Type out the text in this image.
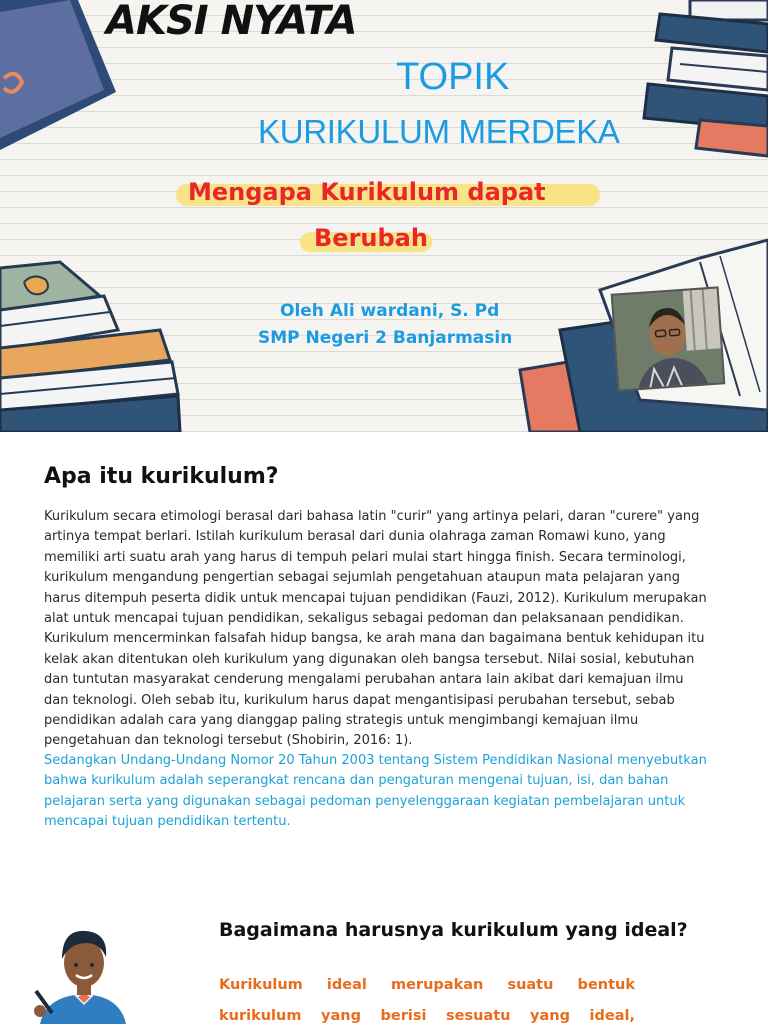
AKSI NYATA
TOPIK
KURIKULUM MERDEKA
Mengapa Kurikulum dapat
Berubah
Oleh Ali wardani, S. Pd
SMP Negeri 2 Banjarmasin
Apa itu kurikulum?
Kurikulum secara etimologi berasal dari bahasa latin "curir" yang artinya pelari, daran "curere" yang
artinya tempat berlari. Istilah kurikulum berasal dari dunia olahraga zaman Romawi kuno, yang
memiliki arti suatu arah yang harus di tempuh pelari mulai start hingga finish. Secara terminologi,
kurikulum mengandung pengertian sebagai sejumlah pengetahuan ataupun mata pelajaran yang
harus ditempuh peserta didik untuk mencapai tujuan pendidikan (Fauzi, 2012). Kurikulum merupakan
alat untuk mencapai tujuan pendidikan, sekaligus sebagai pedoman dan pelaksanaan pendidikan.
Kurikulum mencerminkan falsafah hidup bangsa, ke arah mana dan bagaimana bentuk kehidupan itu
kelak akan ditentukan oleh kurikulum yang digunakan oleh bangsa tersebut. Nilai sosial, kebutuhan
dan tuntutan masyarakat cenderung mengalami perubahan antara lain akibat dari kemajuan ilmu
dan teknologi. Oleh sebab itu, kurikulum harus dapat mengantisipasi perubahan tersebut, sebab
pendidikan adalah cara yang dianggap paling strategis untuk mengimbangi kemajuan ilmu
pengetahuan dan teknologi tersebut (Shobirin, 2016: 1).
Sedangkan Undang-Undang Nomor 20 Tahun 2003 tentang Sistem Pendidikan Nasional menyebutkan
bahwa kurikulum adalah seperangkat rencana dan pengaturan mengenai tujuan, isi, dan bahan
pelajaran serta yang digunakan sebagai pedoman penyelenggaraan kegiatan pembelajaran untuk
mencapai tujuan pendidikan tertentu.
Bagaimana harusnya kurikulum yang ideal?
Kurikulum ideal merupakan suatu bentuk
kurikulum yang berisi sesuatu yang ideal,
